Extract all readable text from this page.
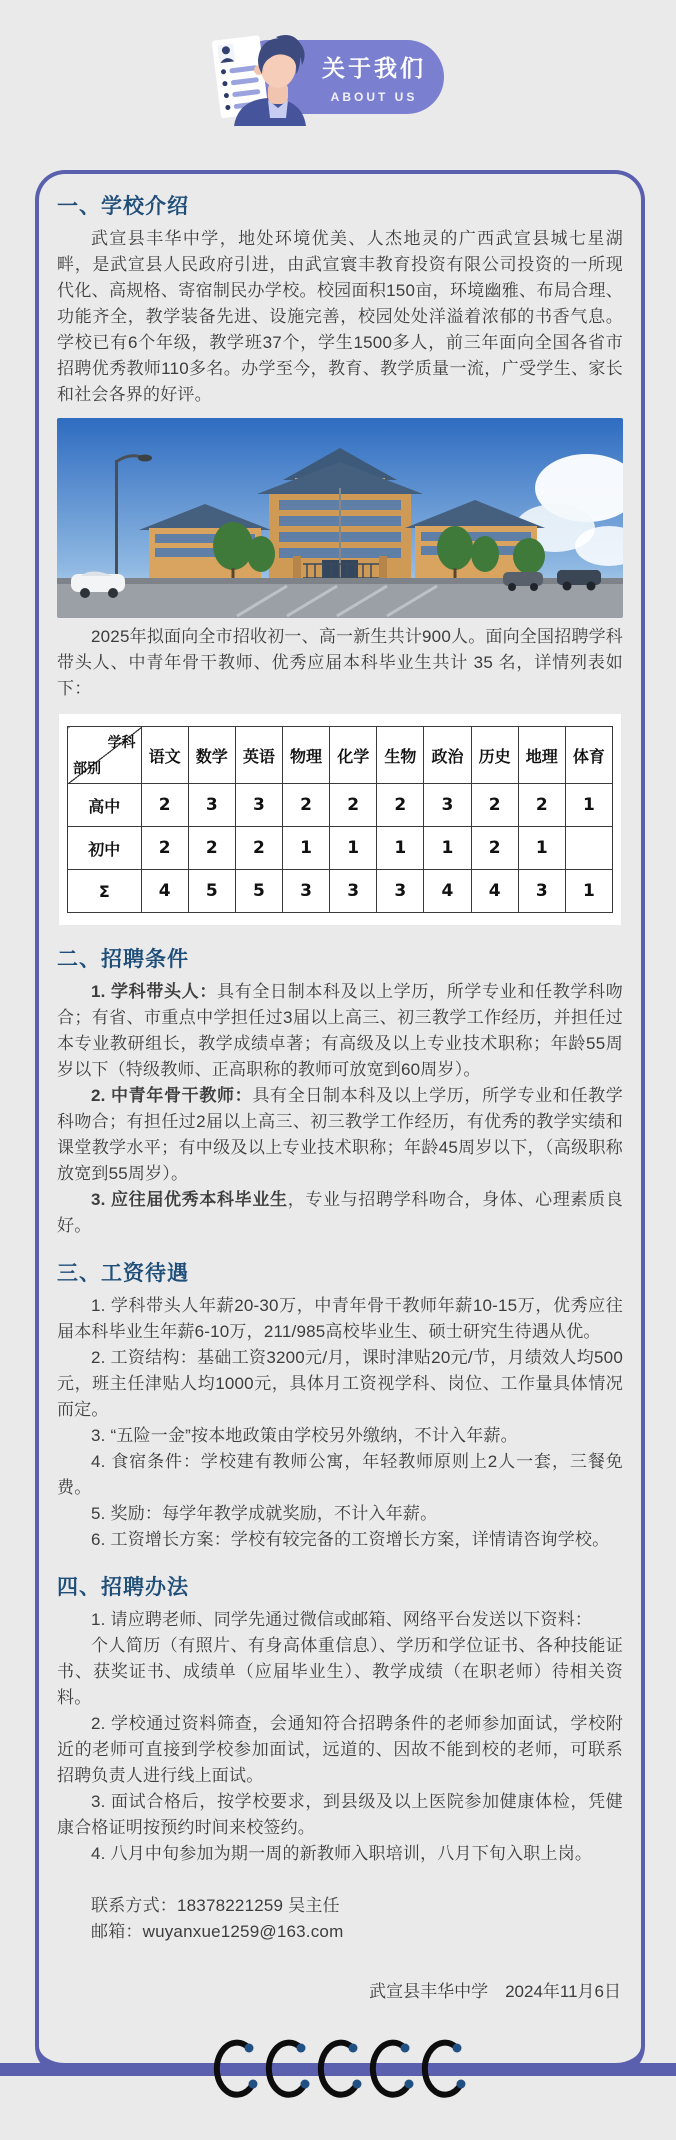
关于我们
ABOUT US
一、学校介绍

武宣县丰华中学，地处环境优美、人杰地灵的广西武宣县城七星湖畔，是武宣县人民政府引进，由武宣寰丰教育投资有限公司投资的一所现代化、高规格、寄宿制民办学校。校园面积150亩，环境幽雅、布局合理、功能齐全，教学装备先进、设施完善，校园处处洋溢着浓郁的书香气息。学校已有6个年级，教学班37个，学生1500多人，前三年面向全国各省市招聘优秀教师110多名。办学至今，教育、教学质量一流，广受学生、家长和社会各界的好评。

2025年拟面向全市招收初一、高一新生共计900人。面向全国招聘学科带头人、中青年骨干教师、优秀应届本科毕业生共计 35 名，详情列表如下：

学科
部别	语文	数学	英语	物理	化学	生物	政治	历史	地理	体育
高中	2	3	3	2	2	2	3	2	2	1
初中	2	2	2	1	1	1	1	2	1	
Σ	4	5	5	3	3	3	4	4	3	1
二、招聘条件

1. 学科带头人：具有全日制本科及以上学历，所学专业和任教学科吻合；有省、市重点中学担任过3届以上高三、初三教学工作经历，并担任过本专业教研组长，教学成绩卓著；有高级及以上专业技术职称；年龄55周岁以下（特级教师、正高职称的教师可放宽到60周岁）。

2. 中青年骨干教师：具有全日制本科及以上学历，所学专业和任教学科吻合；有担任过2届以上高三、初三教学工作经历，有优秀的教学实绩和课堂教学水平；有中级及以上专业技术职称；年龄45周岁以下，（高级职称放宽到55周岁）。

3. 应往届优秀本科毕业生，专业与招聘学科吻合，身体、心理素质良好。

三、工资待遇

1. 学科带头人年薪20-30万，中青年骨干教师年薪10-15万，优秀应往届本科毕业生年薪6-10万，211/985高校毕业生、硕士研究生待遇从优。

2. 工资结构：基础工资3200元/月，课时津贴20元/节，月绩效人均500元，班主任津贴人均1000元，具体月工资视学科、岗位、工作量具体情况而定。

3. “五险一金”按本地政策由学校另外缴纳，不计入年薪。

4. 食宿条件：学校建有教师公寓，年轻教师原则上2人一套，三餐免费。

5. 奖励：每学年教学成就奖励，不计入年薪。

6. 工资增长方案：学校有较完备的工资增长方案，详情请咨询学校。

四、招聘办法

1. 请应聘老师、同学先通过微信或邮箱、网络平台发送以下资料：

个人简历（有照片、有身高体重信息）、学历和学位证书、各种技能证书、获奖证书、成绩单（应届毕业生）、教学成绩（在职老师）待相关资料。

2. 学校通过资料筛查，会通知符合招聘条件的老师参加面试，学校附近的老师可直接到学校参加面试，远道的、因故不能到校的老师，可联系招聘负责人进行线上面试。

3. 面试合格后，按学校要求，到县级及以上医院参加健康体检，凭健康合格证明按预约时间来校签约。

4. 八月中旬参加为期一周的新教师入职培训，八月下旬入职上岗。

联系方式：18378221259 吴主任

邮箱：wuyanxue1259@163.com

武宣县丰华中学　2024年11月6日
